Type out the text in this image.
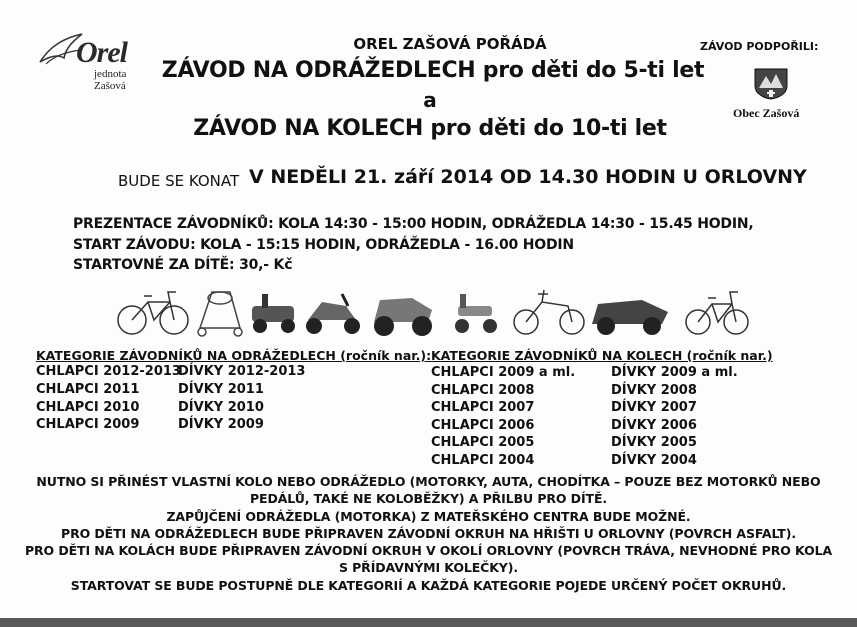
Orel
jednota Zašová
OREL ZAŠOVÁ POŘÁDÁ
ZÁVOD NA ODRÁŽEDLECH pro děti do 5-ti let
a
ZÁVOD NA KOLECH pro děti do 10-ti let
ZÁVOD PODPOŘILI:
Obec Zašová
BUDE SE KONAT V NEDĚLI 21. září 2014 OD 14.30 HODIN U ORLOVNY
PREZENTACE ZÁVODNÍKŮ: KOLA 14:30 - 15:00 HODIN, ODRÁŽEDLA 14:30 - 15.45 HODIN,
START ZÁVODU: KOLA - 15:15 HODIN, ODRÁŽEDLA - 16.00 HODIN
STARTOVNÉ ZA DÍTĚ: 30,- Kč
KATEGORIE ZÁVODNÍKŮ NA ODRÁŽEDLECH (ročník nar.):
CHLAPCI 2012-2013
CHLAPCI 2011
CHLAPCI 2010
CHLAPCI 2009
DÍVKY 2012-2013
DÍVKY 2011
DÍVKY 2010
DÍVKY 2009
KATEGORIE ZÁVODNÍKŮ NA KOLECH (ročník nar.)
CHLAPCI 2009 a ml.
CHLAPCI 2008
CHLAPCI 2007
CHLAPCI 2006
CHLAPCI 2005
CHLAPCI 2004
DÍVKY 2009 a ml.
DÍVKY 2008
DÍVKY 2007
DÍVKY 2006
DÍVKY 2005
DÍVKY 2004
NUTNO SI PŘINÉST VLASTNÍ KOLO NEBO ODRÁŽEDLO (MOTORKY, AUTA, CHODÍTKA – POUZE BEZ MOTORKŮ NEBO
PEDÁLŮ, TAKÉ NE KOLOBĚŽKY) A PŘILBU PRO DÍTĚ.
ZAPŮJČENÍ ODRÁŽEDLA (MOTORKA) Z MATEŘSKÉHO CENTRA BUDE MOŽNÉ.
PRO DĚTI NA ODRÁŽEDLECH BUDE PŘIPRAVEN ZÁVODNÍ OKRUH NA HŘIŠTI U ORLOVNY (POVRCH ASFALT).
PRO DĚTI NA KOLÁCH BUDE PŘIPRAVEN ZÁVODNÍ OKRUH V OKOLÍ ORLOVNY (POVRCH TRÁVA, NEVHODNÉ PRO KOLA
S PŘÍDAVNÝMI KOLEČKY).
STARTOVAT SE BUDE POSTUPNĚ DLE KATEGORIÍ A KAŽDÁ KATEGORIE POJEDE URČENÝ POČET OKRUHŮ.
